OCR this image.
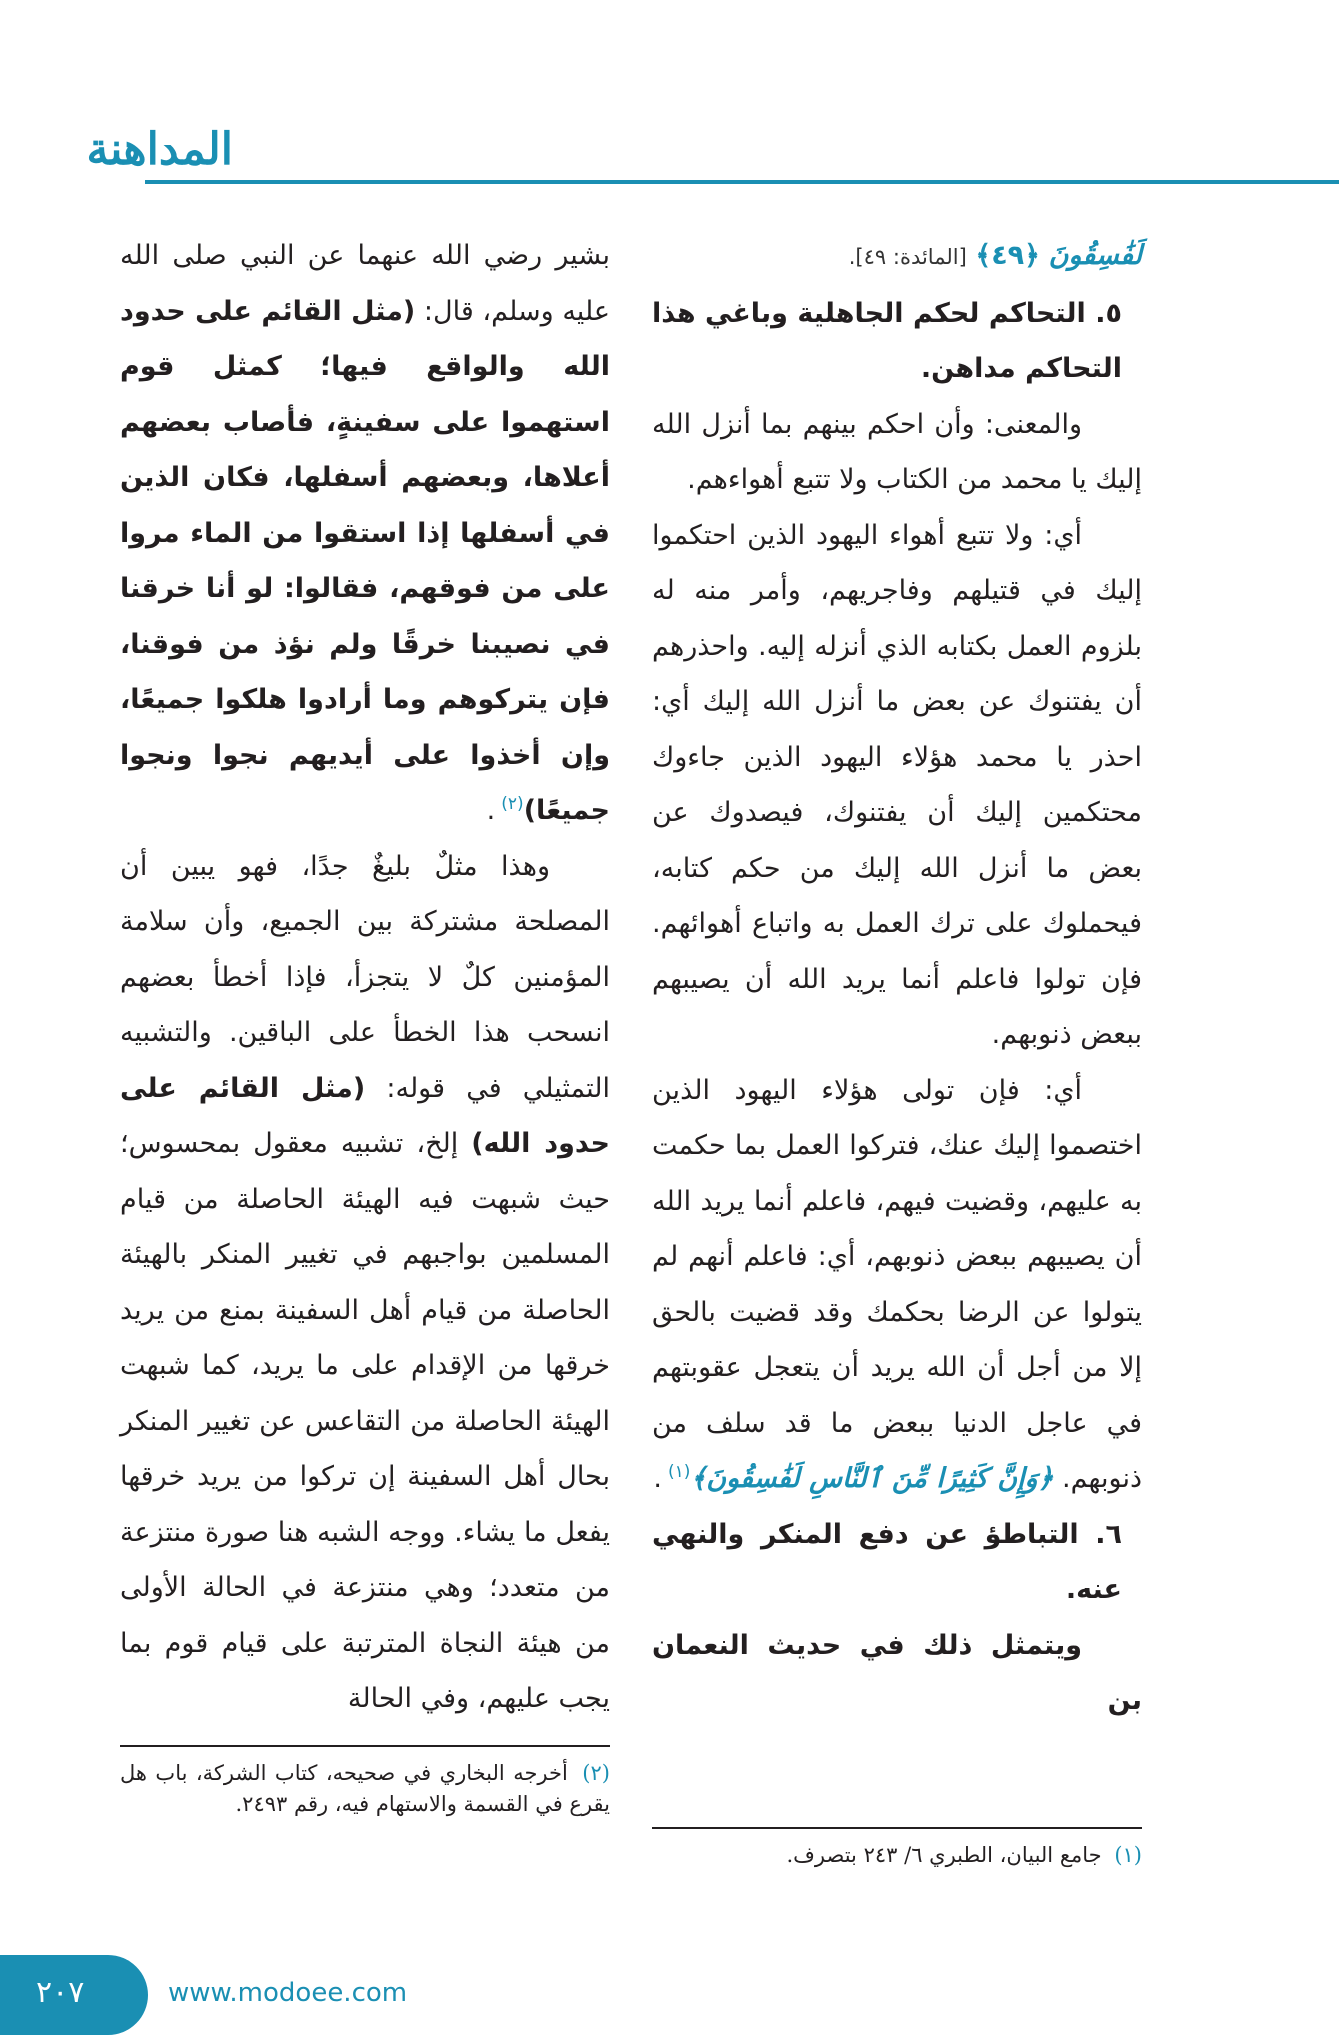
المداهنة

لَفَٰسِقُونَ ﴿٤٩﴾ [المائدة: ٤٩].

٥. التحاكم لحكم الجاهلية وباغي هذا التحاكم مداهن.

والمعنى: وأن احكم بينهم بما أنزل الله إليك يا محمد من الكتاب ولا تتبع أهواءهم.

أي: ولا تتبع أهواء اليهود الذين احتكموا إليك في قتيلهم وفاجريهم، وأمر منه له بلزوم العمل بكتابه الذي أنزله إليه. واحذرهم أن يفتنوك عن بعض ما أنزل الله إليك أي: احذر يا محمد هؤلاء اليهود الذين جاءوك محتكمين إليك أن يفتنوك، فيصدوك عن بعض ما أنزل الله إليك من حكم كتابه، فيحملوك على ترك العمل به واتباع أهوائهم. فإن تولوا فاعلم أنما يريد الله أن يصيبهم ببعض ذنوبهم.

أي: فإن تولى هؤلاء اليهود الذين اختصموا إليك عنك، فتركوا العمل بما حكمت به عليهم، وقضيت فيهم، فاعلم أنما يريد الله أن يصيبهم ببعض ذنوبهم، أي: فاعلم أنهم لم يتولوا عن الرضا بحكمك وقد قضيت بالحق إلا من أجل أن الله يريد أن يتعجل عقوبتهم في عاجل الدنيا ببعض ما قد سلف من ذنوبهم. ﴿وَإِنَّ كَثِيرًا مِّنَ ٱلنَّاسِ لَفَٰسِقُونَ﴾$^{(١)}$.

٦. التباطؤ عن دفع المنكر والنهي عنه.

ويتمثل ذلك في حديث النعمان بن

بشير رضي الله عنهما عن النبي صلى الله عليه وسلم، قال: (مثل القائم على حدود الله والواقع فيها؛ كمثل قوم استهموا على سفينةٍ، فأصاب بعضهم أعلاها، وبعضهم أسفلها، فكان الذين في أسفلها إذا استقوا من الماء مروا على من فوقهم، فقالوا: لو أنا خرقنا في نصيبنا خرقًا ولم نؤذ من فوقنا، فإن يتركوهم وما أرادوا هلكوا جميعًا، وإن أخذوا على أيديهم نجوا ونجوا جميعًا)$^{(٢)}$.

وهذا مثلٌ بليغٌ جدًا، فهو يبين أن المصلحة مشتركة بين الجميع، وأن سلامة المؤمنين كلٌ لا يتجزأ، فإذا أخطأ بعضهم انسحب هذا الخطأ على الباقين. والتشبيه التمثيلي في قوله: (مثل القائم على حدود الله) إلخ، تشبيه معقول بمحسوس؛ حيث شبهت فيه الهيئة الحاصلة من قيام المسلمين بواجبهم في تغيير المنكر بالهيئة الحاصلة من قيام أهل السفينة بمنع من يريد خرقها من الإقدام على ما يريد، كما شبهت الهيئة الحاصلة من التقاعس عن تغيير المنكر بحال أهل السفينة إن تركوا من يريد خرقها يفعل ما يشاء. ووجه الشبه هنا صورة منتزعة من متعدد؛ وهي منتزعة في الحالة الأولى من هيئة النجاة المترتبة على قيام قوم بما يجب عليهم، وفي الحالة

(٢) أخرجه البخاري في صحيحه، كتاب الشركة، باب هل يقرع في القسمة والاستهام فيه، رقم ٢٤٩٣.
(١) جامع البيان، الطبري ٦/ ٢٤٣ بتصرف.
٢٠٧	www.modoee.com
